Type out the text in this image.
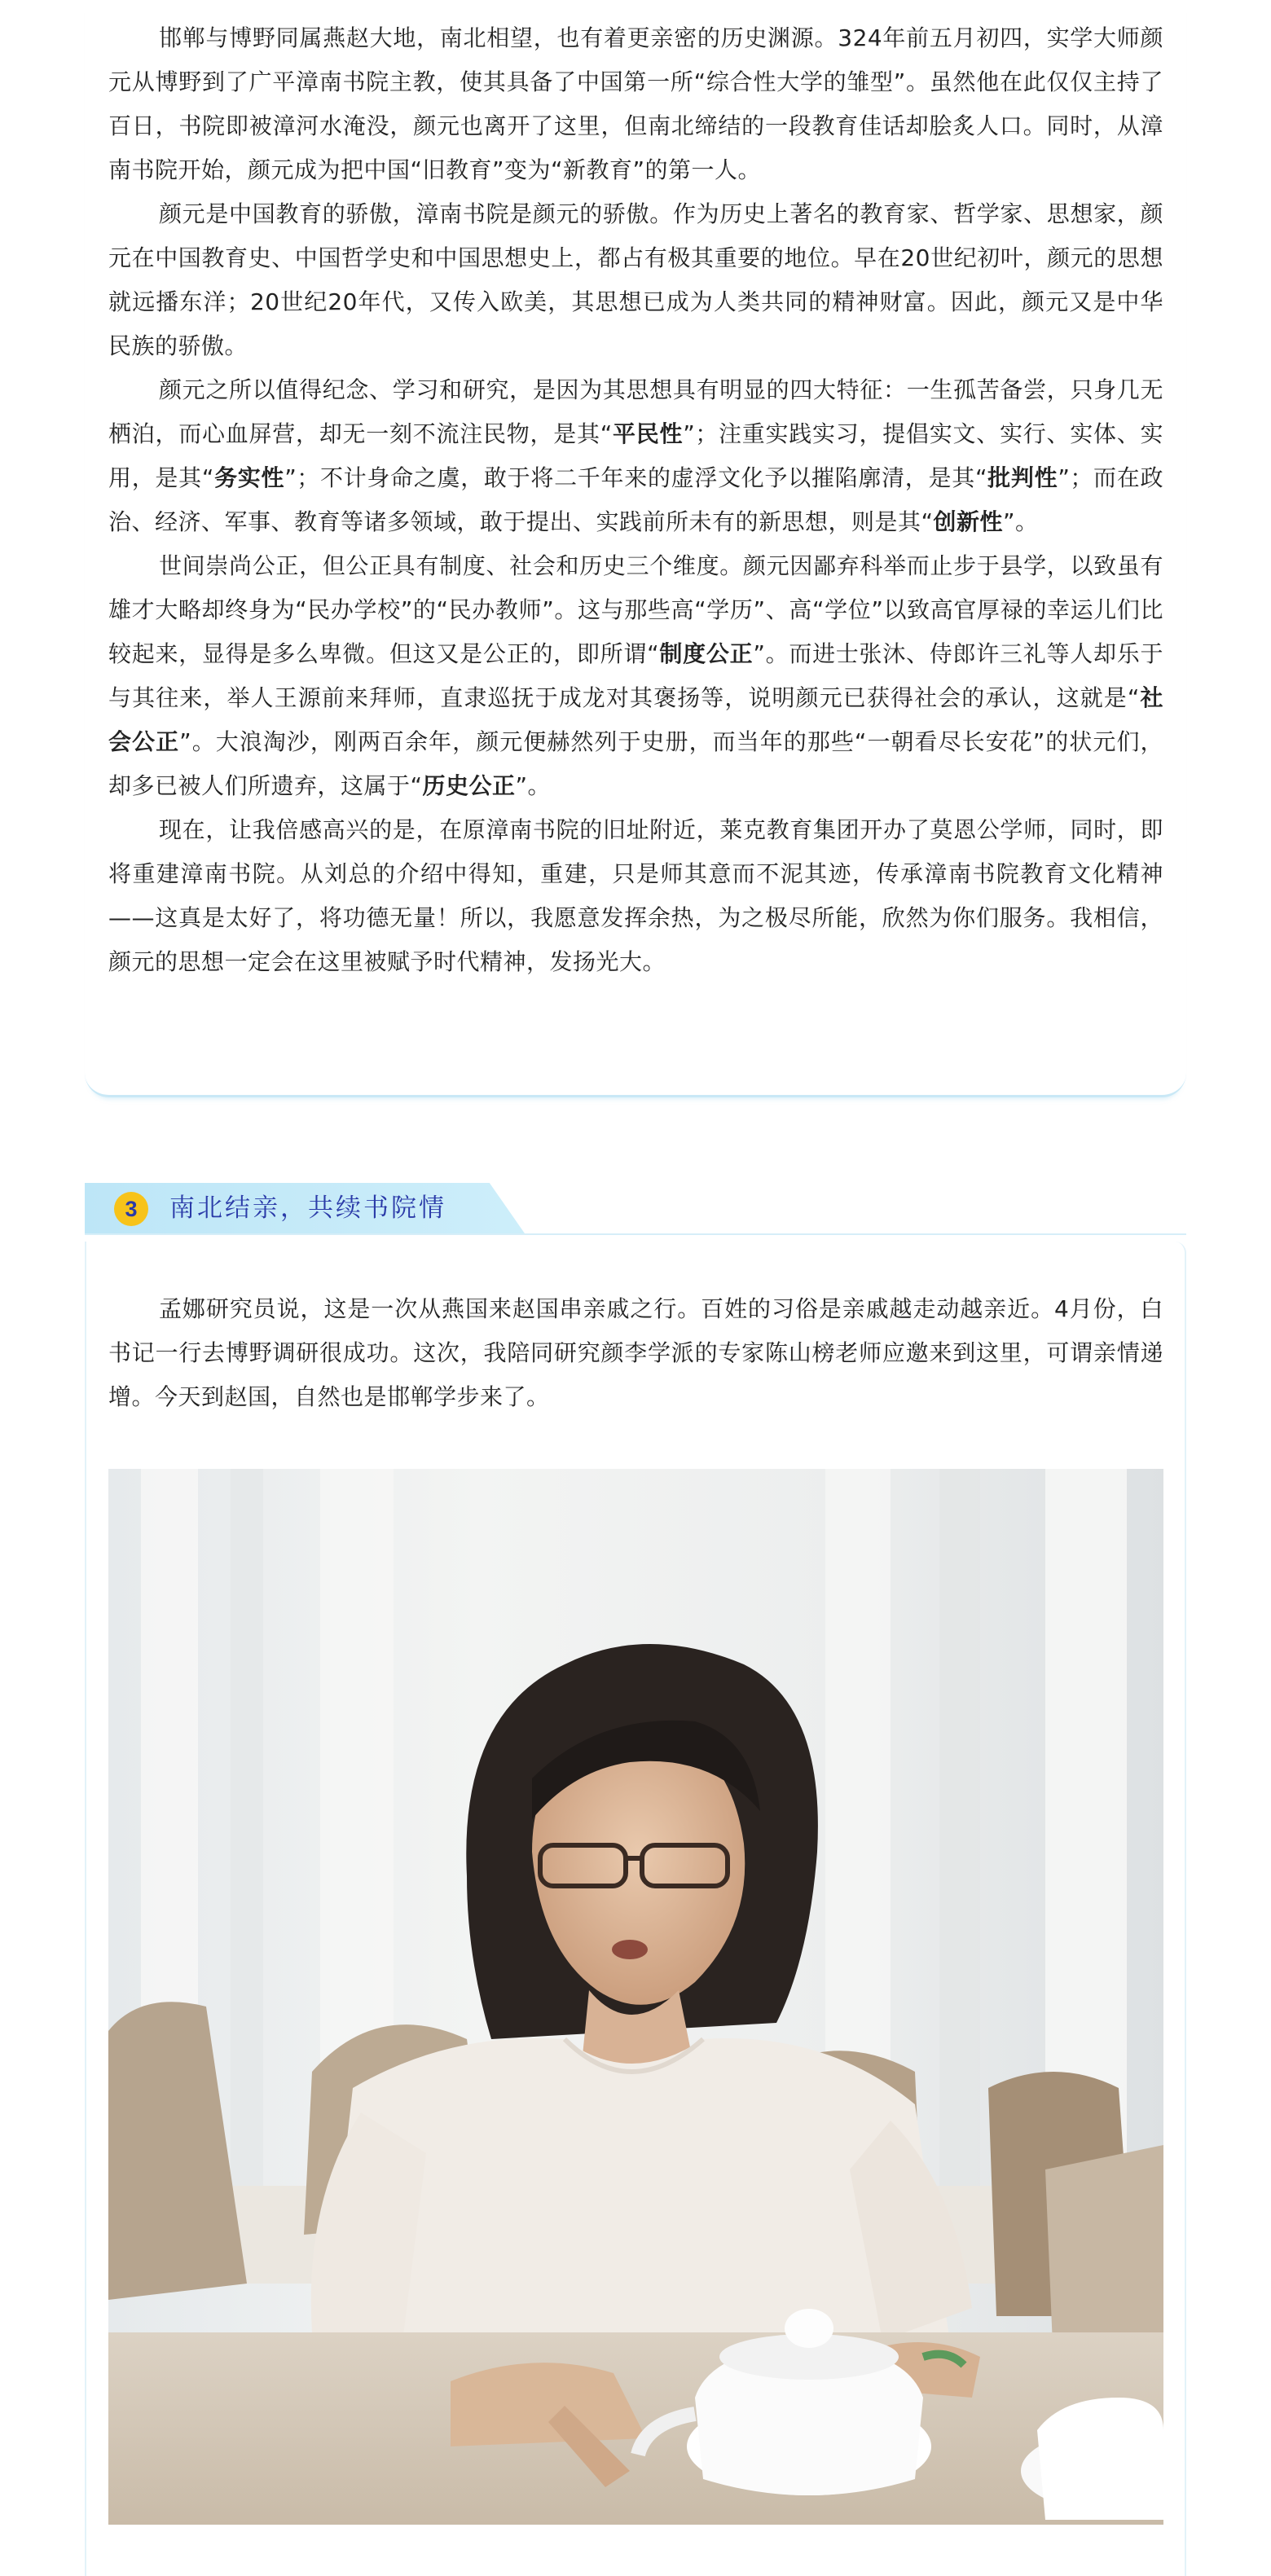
邯郸与博野同属燕赵大地，南北相望，也有着更亲密的历史渊源。324年前五月初四，实学大师颜元从博野到了广平漳南书院主教，使其具备了中国第一所“综合性大学的雏型”。虽然他在此仅仅主持了百日，书院即被漳河水淹没，颜元也离开了这里，但南北缔结的一段教育佳话却脍炙人口。同时，从漳南书院开始，颜元成为把中国“旧教育”变为“新教育”的第一人。

颜元是中国教育的骄傲，漳南书院是颜元的骄傲。作为历史上著名的教育家、哲学家、思想家，颜元在中国教育史、中国哲学史和中国思想史上，都占有极其重要的地位。早在20世纪初叶，颜元的思想就远播东洋；20世纪20年代，又传入欧美，其思想已成为人类共同的精神财富。因此，颜元又是中华民族的骄傲。

颜元之所以值得纪念、学习和研究，是因为其思想具有明显的四大特征：一生孤苦备尝，只身几无栖泊，而心血屏营，却无一刻不流注民物，是其“平民性”；注重实践实习，提倡实文、实行、实体、实用，是其“务实性”；不计身命之虞，敢于将二千年来的虚浮文化予以摧陷廓清，是其“批判性”；而在政治、经济、军事、教育等诸多领域，敢于提出、实践前所未有的新思想，则是其“创新性”。

世间崇尚公正，但公正具有制度、社会和历史三个维度。颜元因鄙弃科举而止步于县学，以致虽有雄才大略却终身为“民办学校”的“民办教师”。这与那些高“学历”、高“学位”以致高官厚禄的幸运儿们比较起来，显得是多么卑微。但这又是公正的，即所谓“制度公正”。而进士张沐、侍郎许三礼等人却乐于与其往来，举人王源前来拜师，直隶巡抚于成龙对其褒扬等，说明颜元已获得社会的承认，这就是“社会公正”。大浪淘沙，刚两百余年，颜元便赫然列于史册，而当年的那些“一朝看尽长安花”的状元们，却多已被人们所遗弃，这属于“历史公正”。

现在，让我倍感高兴的是，在原漳南书院的旧址附近，莱克教育集团开办了莫恩公学师，同时，即将重建漳南书院。从刘总的介绍中得知，重建，只是师其意而不泥其迹，传承漳南书院教育文化精神——这真是太好了，将功德无量！所以，我愿意发挥余热，为之极尽所能，欣然为你们服务。我相信，颜元的思想一定会在这里被赋予时代精神，发扬光大。

3	南北结亲，共续书院情

孟娜研究员说，这是一次从燕国来赵国串亲戚之行。百姓的习俗是亲戚越走动越亲近。4月份，白书记一行去博野调研很成功。这次，我陪同研究颜李学派的专家陈山榜老师应邀来到这里，可谓亲情递增。今天到赵国，自然也是邯郸学步来了。
